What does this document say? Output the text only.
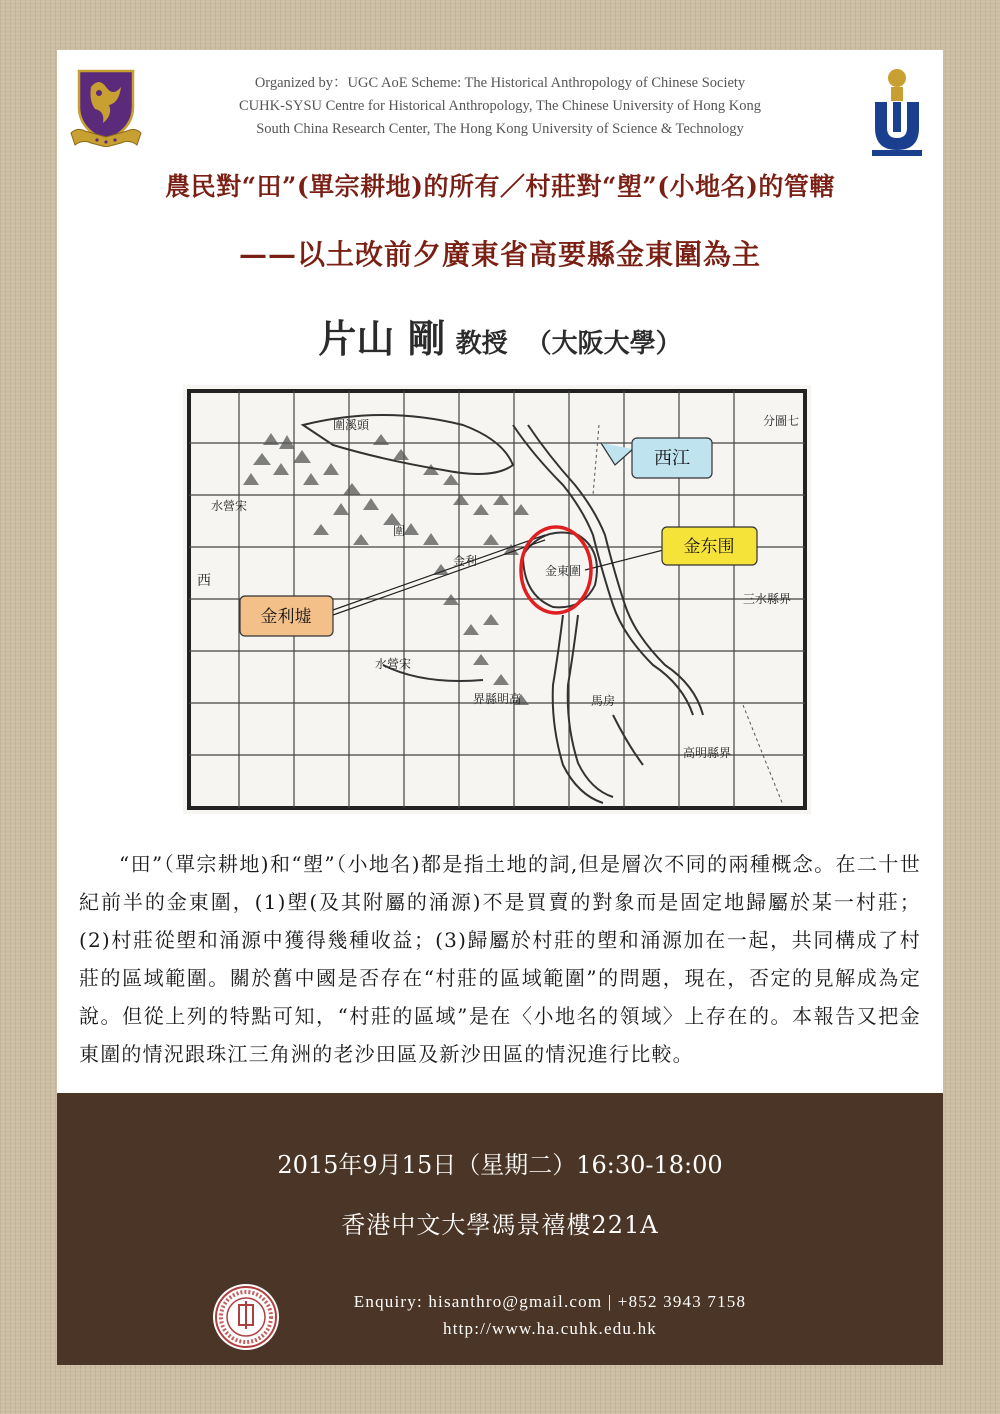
Organized by：UGC AoE Scheme: The Historical Anthropology of Chinese Society
CUHK-SYSU Centre for Historical Anthropology, The Chinese University of Hong Kong
South China Research Center, The Hong Kong University of Science & Technology
農民對“田”(單宗耕地)的所有／村莊對“塱”(小地名)的管轄
——以土改前夕廣東省高要縣金東圍為主
片山 剛 教授 （大阪大學）
分圖七
三水縣界
西
水營宋
高明縣界
界縣明高
金利
金東圍
圍溪頭
圍
水營宋
馬房
西江
金东围
金利墟
“田”（單宗耕地)和“塱”（小地名)都是指土地的詞,但是層次不同的兩種概念。在二十世紀前半的金東圍，(1)塱(及其附屬的涌源)不是買賣的對象而是固定地歸屬於某一村莊；(2)村莊從塱和涌源中獲得幾種收益；(3)歸屬於村莊的塱和涌源加在一起，共同構成了村莊的區域範圍。關於舊中國是否存在“村莊的區域範圍”的問題，現在，否定的見解成為定說。但從上列的特點可知，“村莊的區域”是在〈小地名的領域〉上存在的。本報告又把金東圍的情況跟珠江三角洲的老沙田區及新沙田區的情況進行比較。
2015年9月15日（星期二）16:30-18:00
香港中文大學馮景禧樓221A
Enquiry: hisanthro@gmail.com | +852 3943 7158
http://www.ha.cuhk.edu.hk
